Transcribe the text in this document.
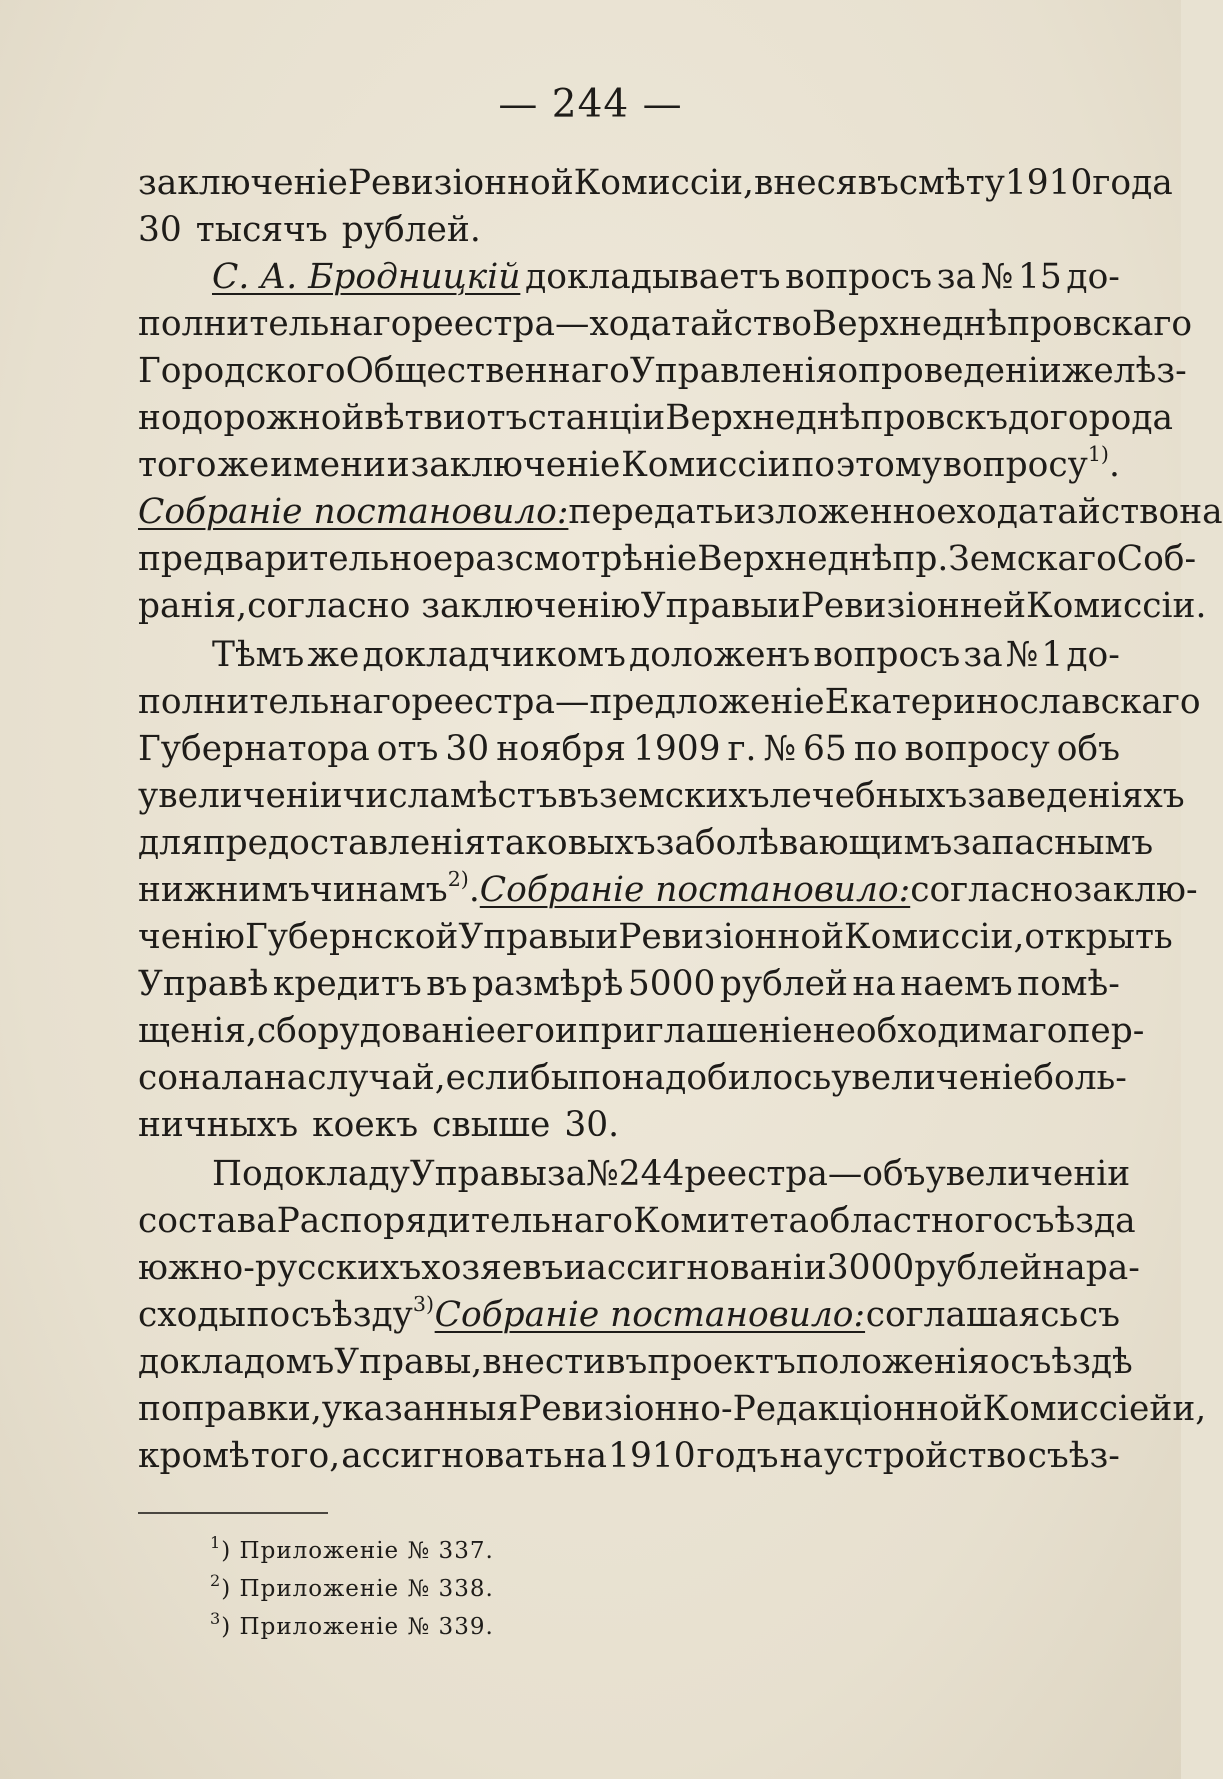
— 244 —
заключеніе Ревизіонной Комиссіи, внеся въ смѣту 1910 года
30 тысячъ рублей.
С. А. Бродницкій докладываетъ вопросъ за № 15 до-
полнительнаго реестра—ходатайство Верхнеднѣпровскаго
Городского Общественнаго Управленія о проведеніи желѣз-
нодорожной вѣтви отъ станціи Верхнеднѣпровскъ до города
того же имени и заключеніе Комиссіи по этому вопросу$^{1)}$.
Собраніе постановило: передать изложенное ходатайство на
предварительное разсмотрѣніе Верхнеднѣпр. Земскаго Соб-
ранія, согласно заключенію Управы и Ревизіонней Комиссіи.
Тѣмъ же докладчикомъ доложенъ вопросъ за № 1 до-
полнительнаго реестра—предложеніе Екатеринославскаго
Губернатора отъ 30 ноября 1909 г. № 65 по вопросу объ
увеличеніи числа мѣстъ въ земскихъ лечебныхъ заведеніяхъ
для предоставленія таковыхъ заболѣвающимъ запаснымъ
нижнимъ чинамъ$^{2)}$. Собраніе постановило: согласно заклю-
ченію Губернской Управы и Ревизіонной Комиссіи, открыть
Управѣ кредитъ въ размѣрѣ 5000 рублей на наемъ помѣ-
щенія, сборудованіе его и приглашеніе необходимаго пер-
сонала на случай, если бы понадобилось увеличеніе боль-
ничныхъ коекъ свыше 30.
По докладу Управы за № 244 реестра—объ увеличеніи
состава Распорядительнаго Комитета областного съѣзда
южно-русскихъ хозяевъ и ассигнованіи 3000 рублей на ра-
сходы по съѣзду$^{3)}$ Собраніе постановило: соглашаясь съ
докладомъ Управы, внести въ проектъ положенія о съѣздѣ
поправки, указанныя Ревизіонно-Редакціонной Комиссіей и,
кромѣ того, ассигновать на 1910 годъ на устройство съѣз-
$^1$) Приложеніе № 337.
$^2$) Приложеніе № 338.
$^3$) Приложеніе № 339.
